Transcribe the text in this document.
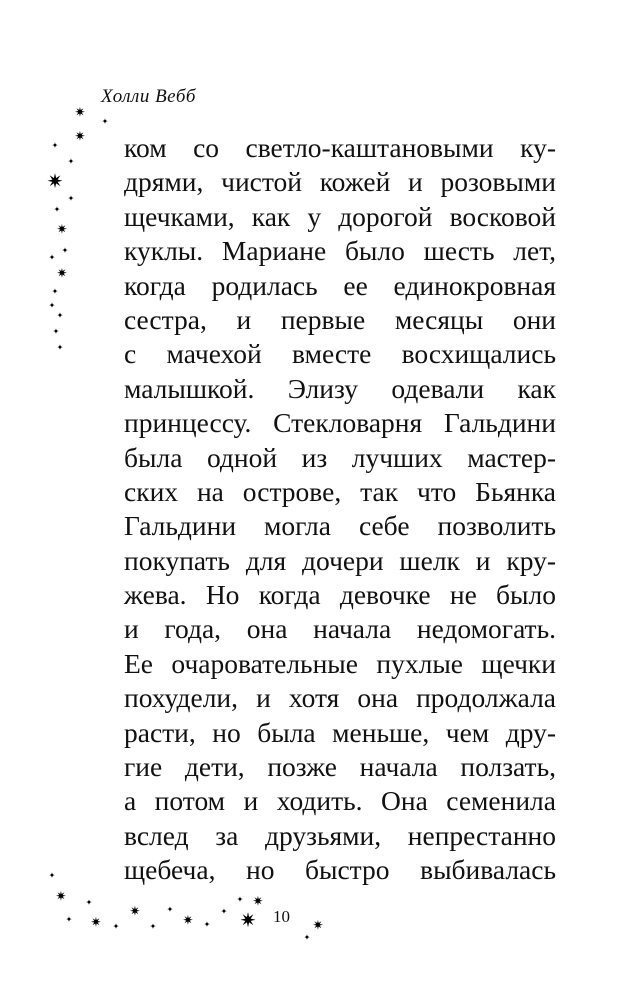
Холли Вебб
ком со светло-каштановыми ку-
дрями, чистой кожей и розовыми
щечками, как у дорогой восковой
куклы. Мариане было шесть лет,
когда родилась ее единокровная
сестра, и первые месяцы они
с мачехой вместе восхищались
малышкой. Элизу одевали как
принцессу. Стекловарня Гальдини
была одной из лучших мастер-
ских на острове, так что Бьянка
Гальдини могла себе позволить
покупать для дочери шелк и кру-
жева. Но когда девочке не было
и года, она начала недомогать.
Ее очаровательные пухлые щечки
похудели, и хотя она продолжала
расти, но была меньше, чем дру-
гие дети, позже начала ползать,
а потом и ходить. Она семенила
вслед за друзьями, непрестанно
щебеча, но быстро выбивалась
10
✷
✦
✷
✦
✦
✷
✦
✦
✷
✦
✦
✷
✦
✦
✦
✦
✦
✦
✷
✦
✦
✷ ✦
✷
✦
✦
✷ ✦
✦
✦ ✷
✷	✷
✦
